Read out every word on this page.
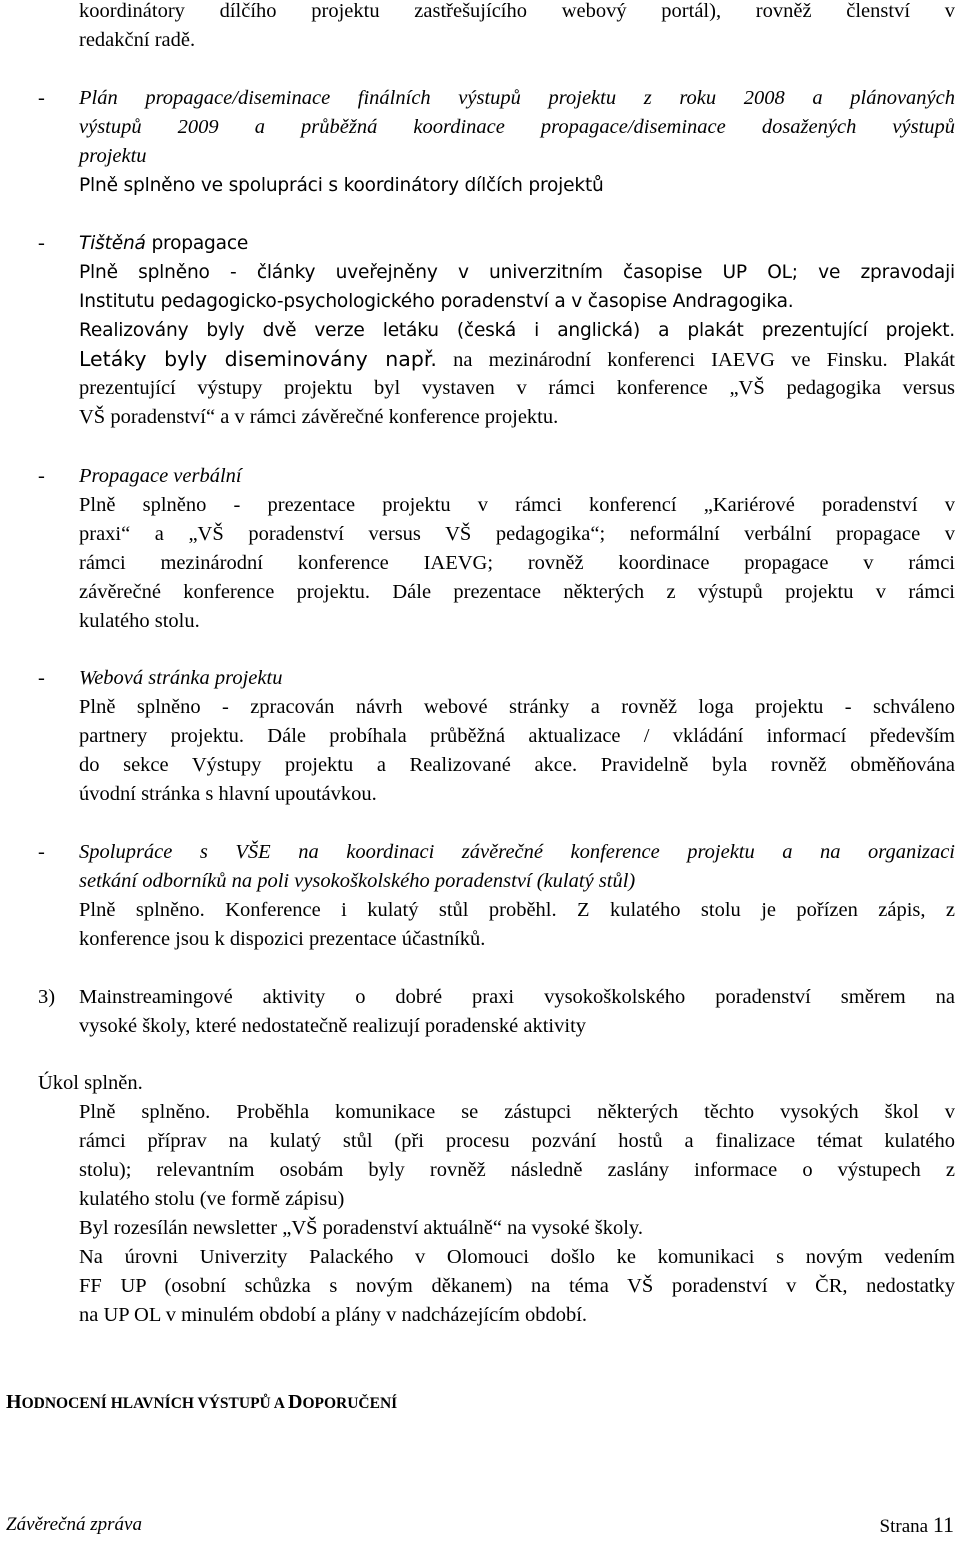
koordinátory dílčího projektu zastřešujícího webový portál), rovněž členství v
redakční radě.
- Plán propagace/diseminace finálních výstupů projektu z roku 2008 a plánovaných
výstupů 2009 a průběžná koordinace propagace/diseminace dosažených výstupů
projektu
Plně splněno ve spolupráci s koordinátory dílčích projektů
- Tištěná propagace
Plně splněno - články uveřejněny v univerzitním časopise UP OL; ve zpravodaji
Institutu pedagogicko-psychologického poradenství a v časopise Andragogika.
Realizovány byly dvě verze letáku (česká i anglická) a plakát prezentující projekt.
Letáky byly diseminovány např. na mezinárodní konferenci IAEVG ve Finsku. Plakát
prezentující výstupy projektu byl vystaven v rámci konference „VŠ pedagogika versus
VŠ poradenství“ a v rámci závěrečné konference projektu.
- Propagace verbální
Plně splněno - prezentace projektu v rámci konferencí „Kariérové poradenství v
praxi“ a „VŠ poradenství versus VŠ pedagogika“; neformální verbální propagace v
rámci mezinárodní konference IAEVG; rovněž koordinace propagace v rámci
závěrečné konference projektu. Dále prezentace některých z výstupů projektu v rámci
kulatého stolu.
- Webová stránka projektu
Plně splněno - zpracován návrh webové stránky a rovněž loga projektu - schváleno
partnery projektu. Dále probíhala průběžná aktualizace / vkládání informací především
do sekce Výstupy projektu a Realizované akce. Pravidelně byla rovněž obměňována
úvodní stránka s hlavní upoutávkou.
- Spolupráce s VŠE na koordinaci závěrečné konference projektu a na organizaci
setkání odborníků na poli vysokoškolského poradenství (kulatý stůl)
Plně splněno. Konference i kulatý stůl proběhl. Z kulatého stolu je pořízen zápis, z
konference jsou k dispozici prezentace účastníků.
3) Mainstreamingové aktivity o dobré praxi vysokoškolského poradenství směrem na
vysoké školy, které nedostatečně realizují poradenské aktivity
Úkol splněn.
Plně splněno. Proběhla komunikace se zástupci některých těchto vysokých škol v
rámci příprav na kulatý stůl (při procesu pozvání hostů a finalizace témat kulatého
stolu); relevantním osobám byly rovněž následně zaslány informace o výstupech z
kulatého stolu (ve formě zápisu)
Byl rozesílán newsletter „VŠ poradenství aktuálně“ na vysoké školy.
Na úrovni Univerzity Palackého v Olomouci došlo ke komunikaci s novým vedením
FF UP (osobní schůzka s novým děkanem) na téma VŠ poradenství v ČR, nedostatky
na UP OL v minulém období a plány v nadcházejícím období.
HODNOCENÍ HLAVNÍCH VÝSTUPŮ A DOPORUČENÍ
Závěrečná zpráva	Strana 11
